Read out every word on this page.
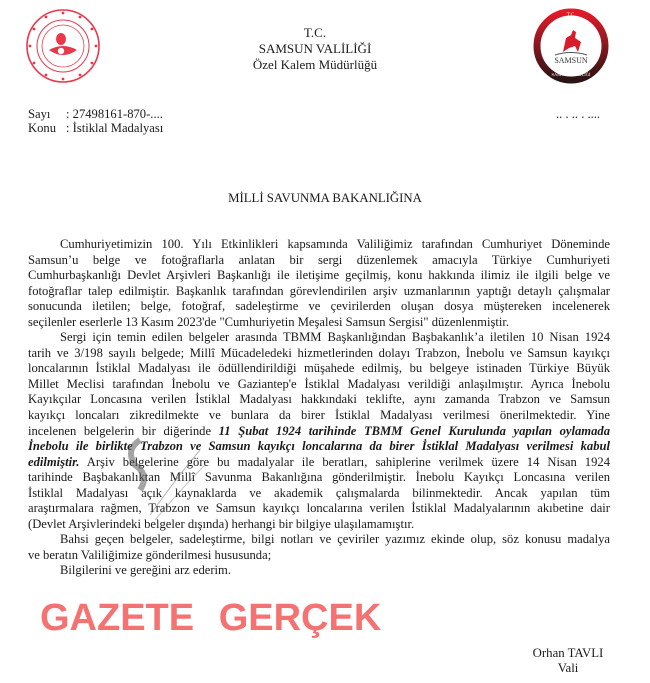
T.C.
SAMSUN VALİLİĞİ
Özel Kalem Müdürlüğü
T.C.
SAMSUN
SAMSUN VALİLİĞİ
Sayı : 27498161-870-....
Konu : İstiklal Madalyası
.. . .. . ....
MİLLİ SAVUNMA BAKANLIĞINA
Cumhuriyetimizin 100. Yılı Etkinlikleri kapsamında Valiliğimiz tarafından Cumhuriyet Döneminde
Samsun’u belge ve fotoğraflarla anlatan bir sergi düzenlemek amacıyla Türkiye Cumhuriyeti
Cumhurbaşkanlığı Devlet Arşivleri Başkanlığı ile iletişime geçilmiş, konu hakkında ilimiz ile ilgili belge ve
fotoğraflar talep edilmiştir. Başkanlık tarafından görevlendirilen arşiv uzmanlarının yaptığı detaylı çalışmalar
sonucunda iletilen; belge, fotoğraf, sadeleştirme ve çevirilerden oluşan dosya müştereken incelenerek
seçilenler eserlerle 13 Kasım 2023'de "Cumhuriyetin Meşalesi Samsun Sergisi" düzenlenmiştir.
Sergi için temin edilen belgeler arasında TBMM Başkanlığından Başbakanlık’a iletilen 10 Nisan 1924
tarih ve 3/198 sayılı belgede; Millî Mücadeledeki hizmetlerinden dolayı Trabzon, İnebolu ve Samsun kayıkçı
loncalarının İstiklal Madalyası ile ödüllendirildiği müşahede edilmiş, bu belgeye istinaden Türkiye Büyük
Millet Meclisi tarafından İnebolu ve Gaziantep'e İstiklal Madalyası verildiği anlaşılmıştır. Ayrıca İnebolu
Kayıkçılar Loncasına verilen İstiklal Madalyası hakkındaki teklifte, aynı zamanda Trabzon ve Samsun
kayıkçı loncaları zikredilmekte ve bunlara da birer İstiklal Madalyası verilmesi önerilmektedir. Yine
incelenen belgelerin bir diğerinde 11 Şubat 1924 tarihinde TBMM Genel Kurulunda yapılan oylamada
İnebolu ile birlikte Trabzon ve Samsun kayıkçı loncalarına da birer İstiklal Madalyası verilmesi kabul
edilmiştir. Arşiv belgelerine göre bu madalyalar ile beratları, sahiplerine verilmek üzere 14 Nisan 1924
tarihinde Başbakanlıktan Millî Savunma Bakanlığına gönderilmiştir. İnebolu Kayıkçı Loncasına verilen
İstiklal Madalyası açık kaynaklarda ve akademik çalışmalarda bilinmektedir. Ancak yapılan tüm
araştırmalara rağmen, Trabzon ve Samsun kayıkçı loncalarına verilen İstiklal Madalyalarının akıbetine dair
(Devlet Arşivlerindeki belgeler dışında) herhangi bir bilgiye ulaşılamamıştır.
Bahsi geçen belgeler, sadeleştirme, bilgi notları ve çeviriler yazımız ekinde olup, söz konusu madalya
ve beratın Valiliğimize gönderilmesi hususunda;
Bilgilerini ve gereğini arz ederim.
Orhan TAVLI
Vali
GAZETE GERÇEK
